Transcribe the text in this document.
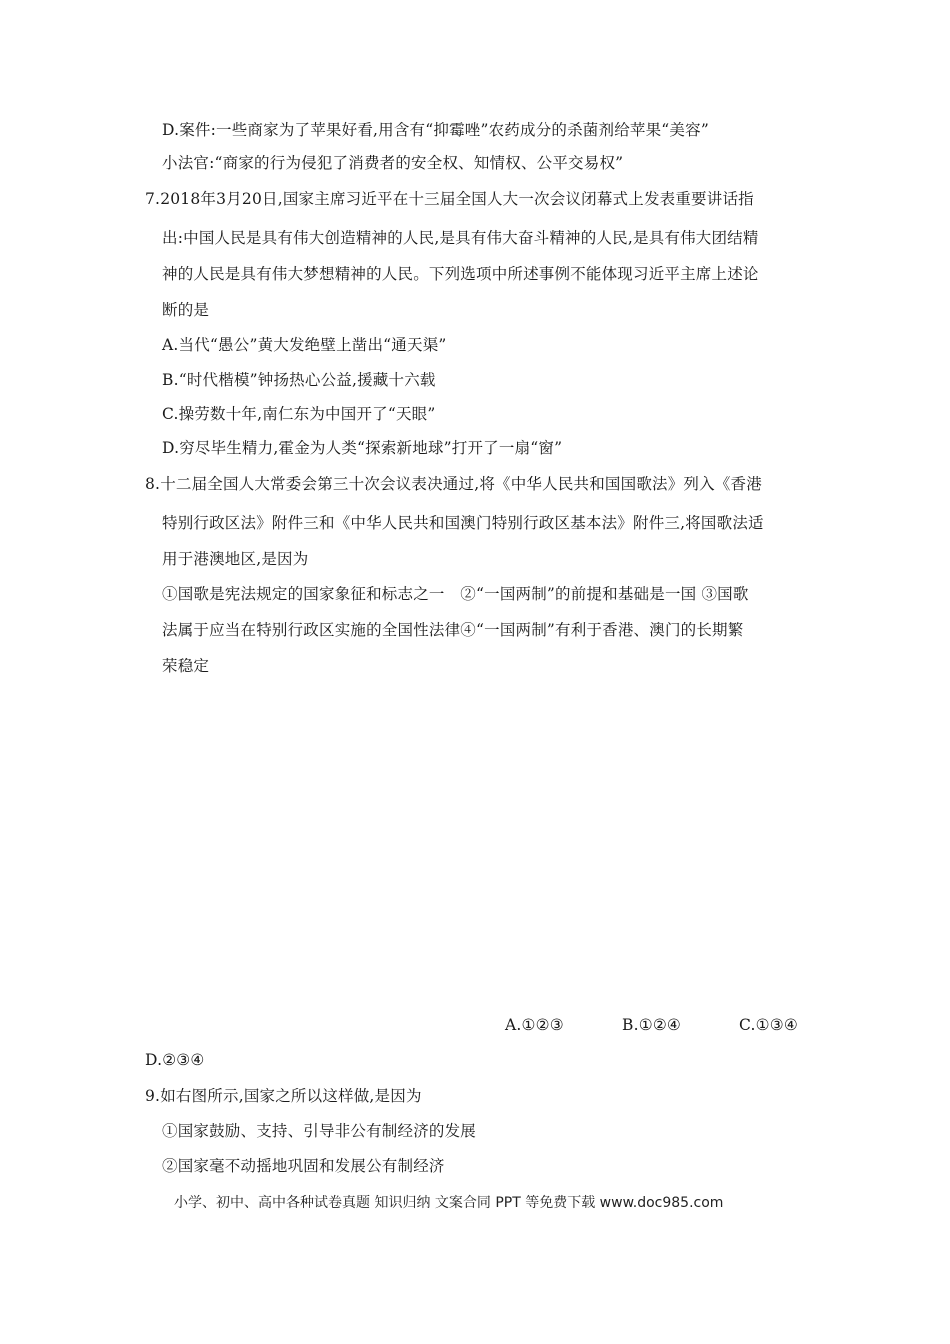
D.案件:一些商家为了苹果好看,用含有“抑霉唑”农药成分的杀菌剂给苹果“美容”
小法官:“商家的行为侵犯了消费者的安全权、知情权、公平交易权”
7.2018年3月20日,国家主席习近平在十三届全国人大一次会议闭幕式上发表重要讲话指
出:中国人民是具有伟大创造精神的人民,是具有伟大奋斗精神的人民,是具有伟大团结精
神的人民是具有伟大梦想精神的人民。下列选项中所述事例不能体现习近平主席上述论
断的是
A.当代“愚公”黄大发绝壁上凿出“通天渠”
B.“时代楷模”钟扬热心公益,援藏十六载
C.操劳数十年,南仁东为中国开了“天眼”
D.穷尽毕生精力,霍金为人类“探索新地球”打开了一扇“窗”
8.十二届全国人大常委会第三十次会议表决通过,将《中华人民共和国国歌法》列入《香港
特别行政区法》附件三和《中华人民共和国澳门特别行政区基本法》附件三,将国歌法适
用于港澳地区,是因为
①国歌是宪法规定的国家象征和标志之一　②“一国两制”的前提和基础是一国 ③国歌
法属于应当在特别行政区实施的全国性法律④“一国两制”有利于香港、澳门的长期繁
荣稳定
A.①②③	B.①②④	C.①③④
D.②③④
9.如右图所示,国家之所以这样做,是因为
①国家鼓励、支持、引导非公有制经济的发展
②国家毫不动摇地巩固和发展公有制经济
小学、初中、高中各种试卷真题 知识归纳 文案合同 PPT 等免费下载 www.doc985.com
